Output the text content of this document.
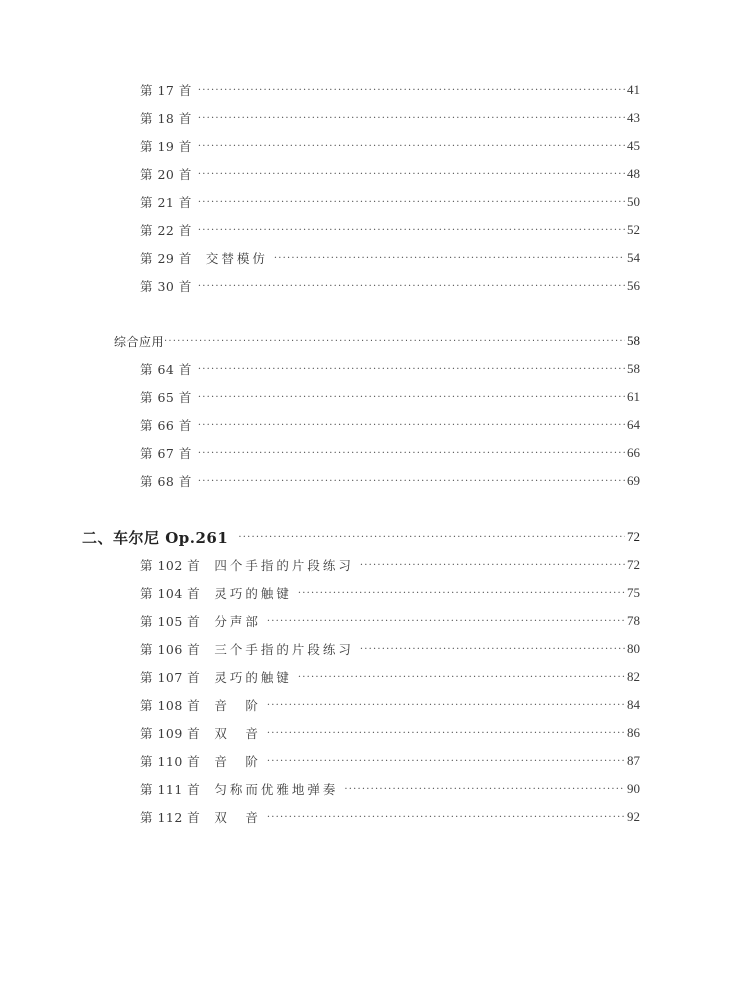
第 17 首 ·····	41
第 18 首 ·····	43
第 19 首 ·····	45
第 20 首 ·····	48
第 21 首 ·····	50
第 22 首 ·····	52
第 29 首 交替模仿 ·····	54
第 30 首 ·····	56
综合应用 ·····	58
第 64 首 ·····	58
第 65 首 ·····	61
第 66 首 ·····	64
第 67 首 ·····	66
第 68 首 ·····	69
二、车尔尼 Op.261 ·····	72
第 102 首 四个手指的片段练习 ·····	72
第 104 首 灵巧的触键 ·····	75
第 105 首 分声部 ·····	78
第 106 首 三个手指的片段练习 ·····	80
第 107 首 灵巧的触键 ·····	82
第 108 首 音　阶 ·····	84
第 109 首 双　音 ·····	86
第 110 首 音　阶 ·····	87
第 111 首 匀称而优雅地弹奏 ·····	90
第 112 首 双　音 ·····	92
